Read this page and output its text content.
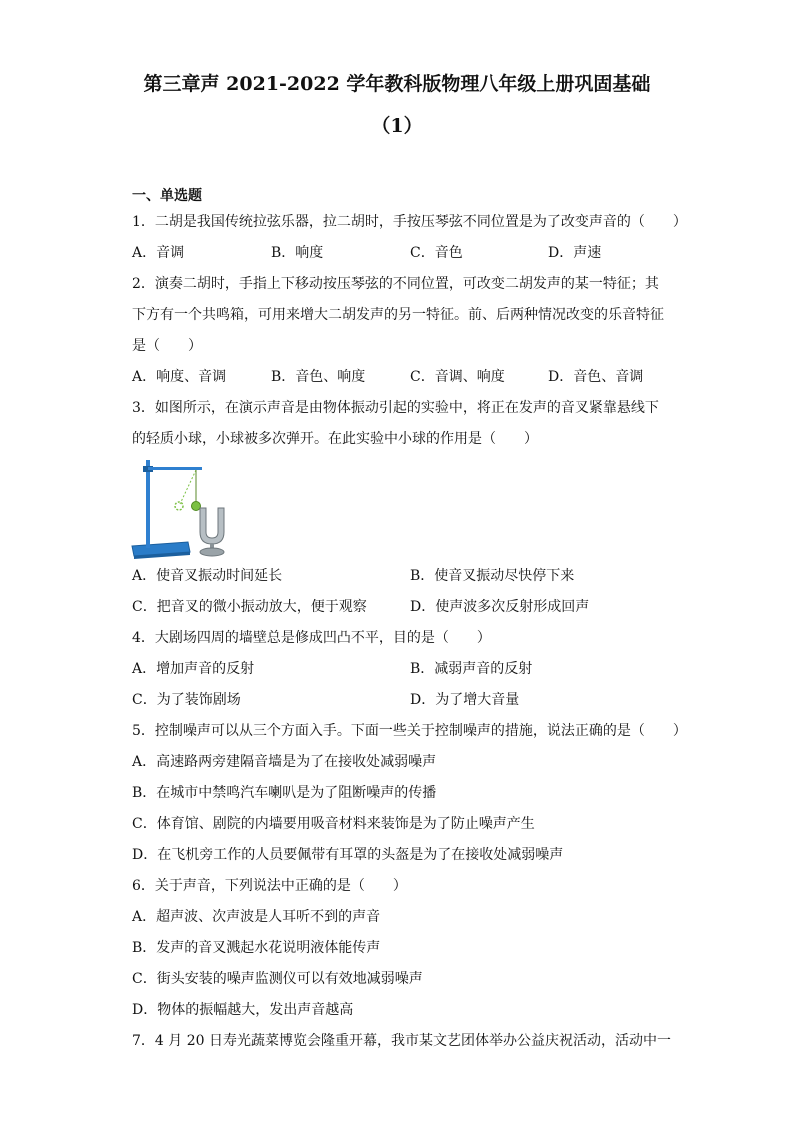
第三章声 2021-2022 学年教科版物理八年级上册巩固基础
（1）
一、单选题
1．二胡是我国传统拉弦乐器，拉二胡时，手按压琴弦不同位置是为了改变声音的（　　）
A．音调	B．响度	C．音色	D．声速
2．演奏二胡时，手指上下移动按压琴弦的不同位置，可改变二胡发声的某一特征；其
下方有一个共鸣箱，可用来增大二胡发声的另一特征。前、后两种情况改变的乐音特征
是（　　）
A．响度、音调	B．音色、响度	C．音调、响度	D．音色、音调
3．如图所示，在演示声音是由物体振动引起的实验中，将正在发声的音叉紧靠悬线下
的轻质小球，小球被多次弹开。在此实验中小球的作用是（　　）
A．使音叉振动时间延长	B．使音叉振动尽快停下来
C．把音叉的微小振动放大，便于观察	D．使声波多次反射形成回声
4．大剧场四周的墙壁总是修成凹凸不平，目的是（　　）
A．增加声音的反射	B．减弱声音的反射
C．为了装饰剧场	D．为了增大音量
5．控制噪声可以从三个方面入手。下面一些关于控制噪声的措施，说法正确的是（　　）
A．高速路两旁建隔音墙是为了在接收处减弱噪声
B．在城市中禁鸣汽车喇叭是为了阻断噪声的传播
C．体育馆、剧院的内墙要用吸音材料来装饰是为了防止噪声产生
D．在飞机旁工作的人员要佩带有耳罩的头盔是为了在接收处减弱噪声
6．关于声音，下列说法中正确的是（　　）
A．超声波、次声波是人耳听不到的声音
B．发声的音叉溅起水花说明液体能传声
C．街头安装的噪声监测仪可以有效地减弱噪声
D．物体的振幅越大，发出声音越高
7．4 月 20 日寿光蔬菜博览会隆重开幕，我市某文艺团体举办公益庆祝活动，活动中一
